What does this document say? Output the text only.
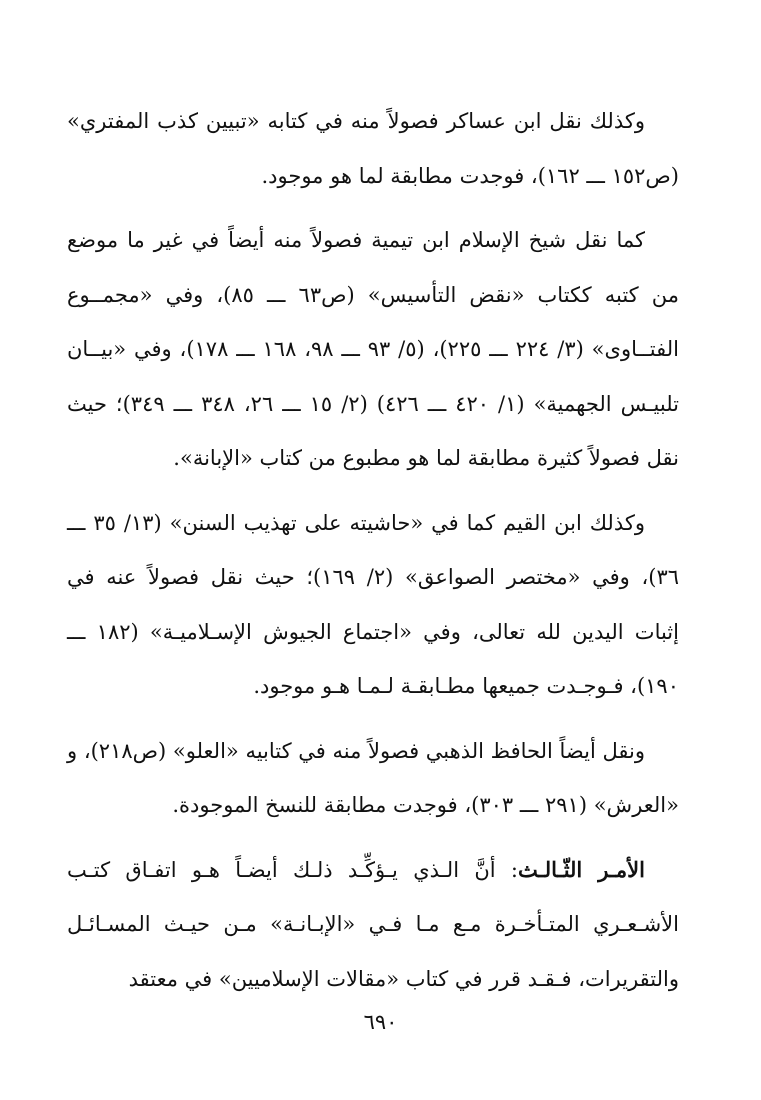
وكذلك نقل ابن عساكر فصولاً منه في كتابه «تبيين كذب المفتري» (ص١٥٢ ـــ ١٦٢)، فوجدت مطابقة لما هو موجود.

كما نقل شيخ الإسلام ابن تيمية فصولاً منه أيضاً في غير ما موضع من كتبه ككتاب «نقض التأسيس» (ص٦٣ ـــ ٨٥)، وفي «مجمــوع الفتــاوى» (٣/ ٢٢٤ ـــ ٢٢٥)، (٥/ ٩٣ ـــ ٩٨، ١٦٨ ـــ ١٧٨)، وفي «بيــان تلبيـس الجهمية» (١/ ٤٢٠ ـــ ٤٢٦) (٢/ ١٥ ـــ ٢٦، ٣٤٨ ـــ ٣٤٩)؛ حيث نقل فصولاً كثيرة مطابقة لما هو مطبوع من كتاب «الإبانة».

وكذلك ابن القيم كما في «حاشيته على تهذيب السنن» (١٣/ ٣٥ ـــ ٣٦)، وفي «مختصر الصواعق» (٢/ ١٦٩)؛ حيث نقل فصولاً عنه في إثبات اليدين لله تعالى، وفي «اجتماع الجيوش الإسـلاميـة» (١٨٢ ـــ ١٩٠)، فـوجـدت جميعها مطـابقـة لـمـا هـو موجود.

ونقل أيضاً الحافظ الذهبي فصولاً منه في كتابيه «العلو» (ص٢١٨)، و «العرش» (٢٩١ ـــ ٣٠٣)، فوجدت مطابقة للنسخ الموجودة.

الأمـر الثّـالـث: أنَّ الـذي يـؤكِّـد ذلـك أيضـاً هـو اتفـاق كتـب الأشـعـري المتـأخـرة مـع مـا فـي «الإبـانـة» مـن حيـث المسـائـل والتقريرات، فـقـد قرر في كتاب «مقالات الإسلاميين» في معتقد

٦٩٠
